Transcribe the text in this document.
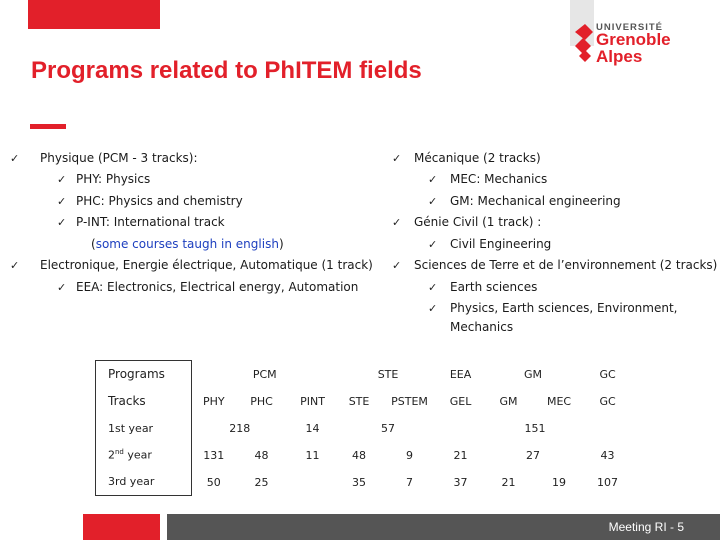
UNIVERSITÉ
Grenoble
Alpes
Programs related to PhITEM fields
✓ Physique (PCM - 3 tracks):
✓ PHY: Physics
✓ PHC: Physics and chemistry
✓ P-INT: International track
(some courses taugh in english)
✓ Electronique, Energie électrique, Automatique (1 track)
✓ EEA: Electronics, Electrical energy, Automation
✓ Mécanique (2 tracks)
✓ MEC: Mechanics
✓ GM: Mechanical engineering
✓ Génie Civil (1 track) :
✓ Civil Engineering
✓ Sciences de Terre et de l’environnement (2 tracks)
✓ Earth sciences
✓ Physics, Earth sciences, Environment,
Mechanics
Programs	PCM			STE		EEA	GM		GC
Tracks	PHY	PHC	PINT	STE	PSTEM	GEL	GM	MEC	GC
1st year	218		14	57		151			
2nd year	131	48	11	48	9	21	27		43
3rd year	50	25		35	7	37	21	19	107
Meeting RI - 5
